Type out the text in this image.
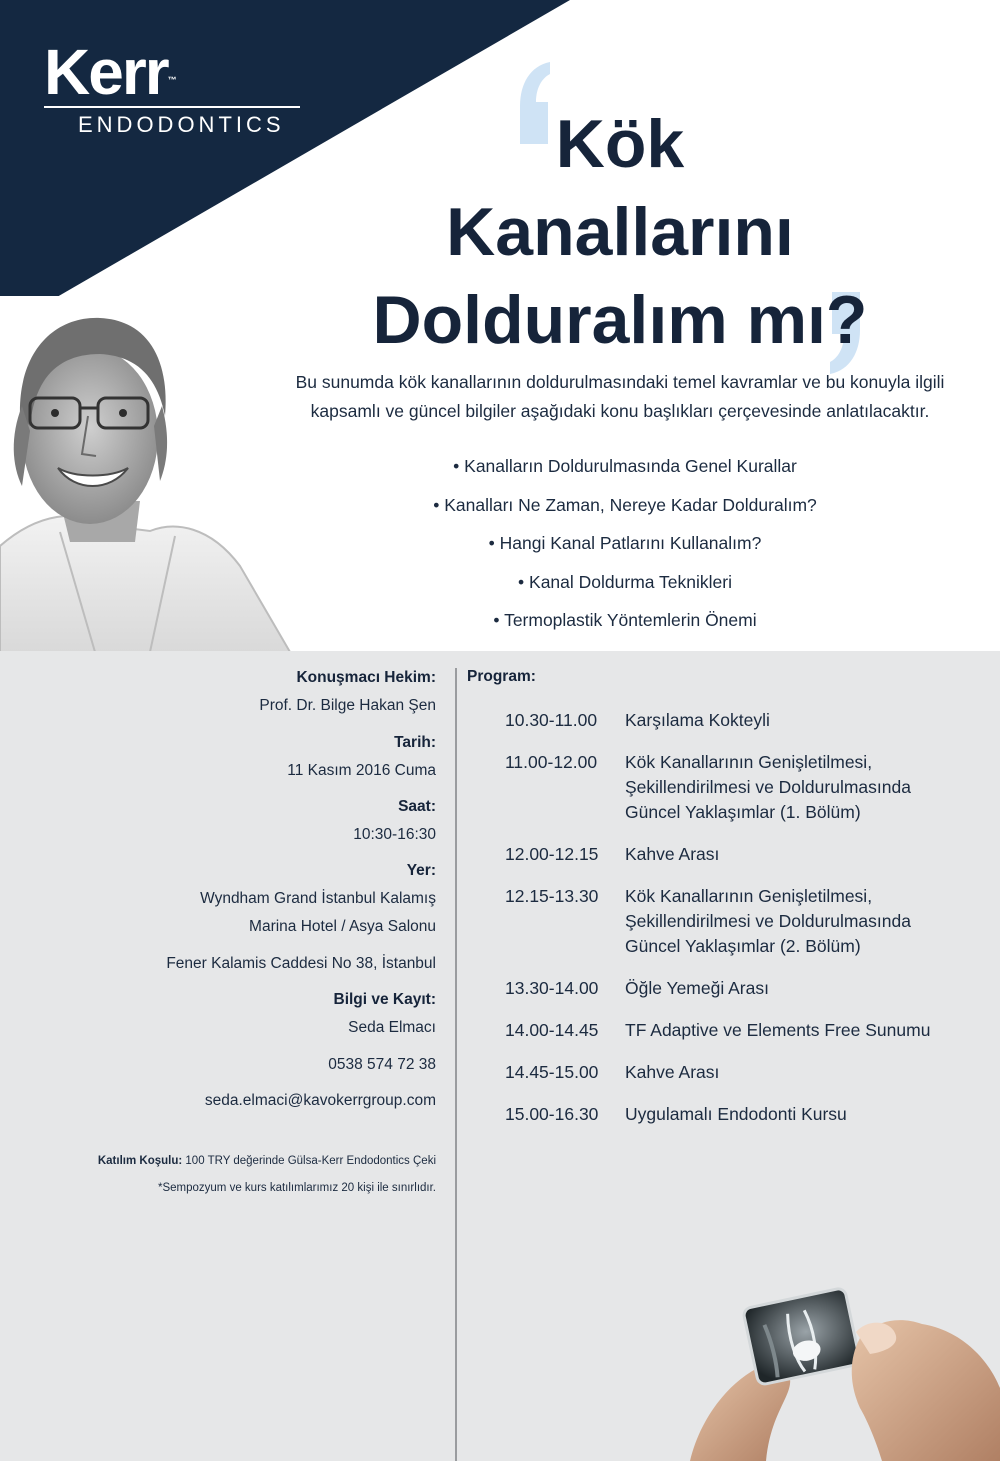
Kerr™
ENDODONTICS	Kök
Kanallarını
Dolduralım mı?
Bu sunumda kök kanallarının doldurulmasındaki temel kavramlar ve bu konuyla ilgili
kapsamlı ve güncel bilgiler aşağıdaki konu başlıkları çerçevesinde anlatılacaktır.
• Kanalların Doldurulmasında Genel Kurallar
• Kanalları Ne Zaman, Nereye Kadar Dolduralım?
• Hangi Kanal Patlarını Kullanalım?
• Kanal Doldurma Teknikleri
• Termoplastik Yöntemlerin Önemi
Konuşmacı Hekim:
Prof. Dr. Bilge Hakan Şen
Tarih:
11 Kasım 2016 Cuma
Saat:
10:30-16:30
Yer:
Wyndham Grand İstanbul Kalamış
Marina Hotel / Asya Salonu
Fener Kalamis Caddesi No 38, İstanbul
Bilgi ve Kayıt:
Seda Elmacı
0538 574 72 38
seda.elmaci@kavokerrgroup.com
Katılım Koşulu: 100 TRY değerinde Gülsa-Kerr Endodontics Çeki
*Sempozyum ve kurs katılımlarımız 20 kişi ile sınırlıdır.
Program:
10.30-11.00	Karşılama Kokteyli
11.00-12.00	Kök Kanallarının Genişletilmesi,
Şekillendirilmesi ve Doldurulmasında
Güncel Yaklaşımlar (1. Bölüm)
12.00-12.15	Kahve Arası
12.15-13.30	Kök Kanallarının Genişletilmesi,
Şekillendirilmesi ve Doldurulmasında
Güncel Yaklaşımlar (2. Bölüm)
13.30-14.00	Öğle Yemeği Arası
14.00-14.45	TF Adaptive ve Elements Free Sunumu
14.45-15.00	Kahve Arası
15.00-16.30	Uygulamalı Endodonti Kursu
